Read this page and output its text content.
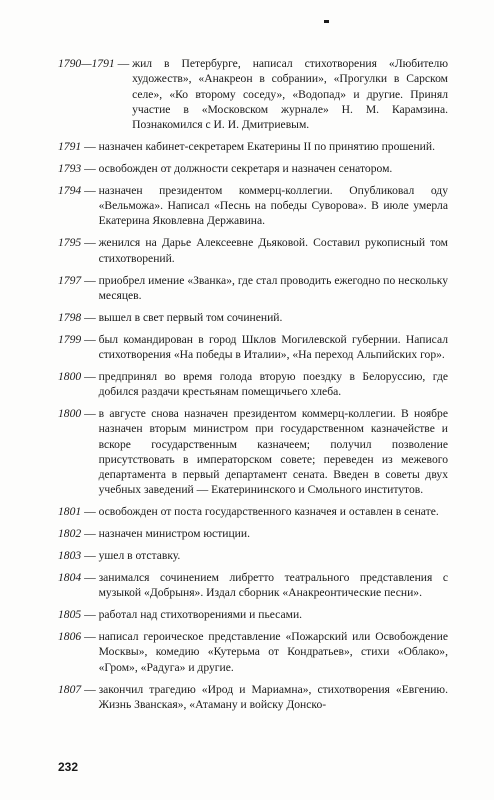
1790—1791 — жил в Петербурге, написал стихотворения «Любителю художеств», «Анакреон в собрании», «Прогулки в Сарском селе», «Ко второму соседу», «Водопад» и другие. Принял участие в «Московском журнале» Н. М. Карамзина. Познакомился с И. И. Дмитриевым.
1791 — назначен кабинет-секретарем Екатерины II по принятию прошений.
1793 — освобожден от должности секретаря и назначен сенатором.
1794 — назначен президентом коммерц-коллегии. Опубликовал оду «Вельможа». Написал «Песнь на победы Суворова». В июле умерла Екатерина Яковлевна Державина.
1795 — женился на Дарье Алексеевне Дьяковой. Составил рукописный том стихотворений.
1797 — приобрел имение «Званка», где стал проводить ежегодно по нескольку месяцев.
1798 — вышел в свет первый том сочинений.
1799 — был командирован в город Шклов Могилевской губернии. Написал стихотворения «На победы в Италии», «На переход Альпийских гор».
1800 — предпринял во время голода вторую поездку в Белоруссию, где добился раздачи крестьянам помещичьего хлеба.
1800 — в августе снова назначен президентом коммерц-коллегии. В ноябре назначен вторым министром при государственном казначействе и вскоре государственным казначеем; получил позволение присутствовать в императорском совете; переведен из межевого департамента в первый департамент сената. Введен в советы двух учебных заведений — Екатерининского и Смольного институтов.
1801 — освобожден от поста государственного казначея и оставлен в сенате.
1802 — назначен министром юстиции.
1803 — ушел в отставку.
1804 — занимался сочинением либретто театрального представления с музыкой «Добрыня». Издал сборник «Анакреонтические песни».
1805 — работал над стихотворениями и пьесами.
1806 — написал героическое представление «Пожарский или Освобождение Москвы», комедию «Кутерьма от Кондратьев», стихи «Облако», «Гром», «Радуга» и другие.
1807 — закончил трагедию «Ирод и Мариамна», стихотворения «Евгению. Жизнь Званская», «Атаману и войску Донско-
232
